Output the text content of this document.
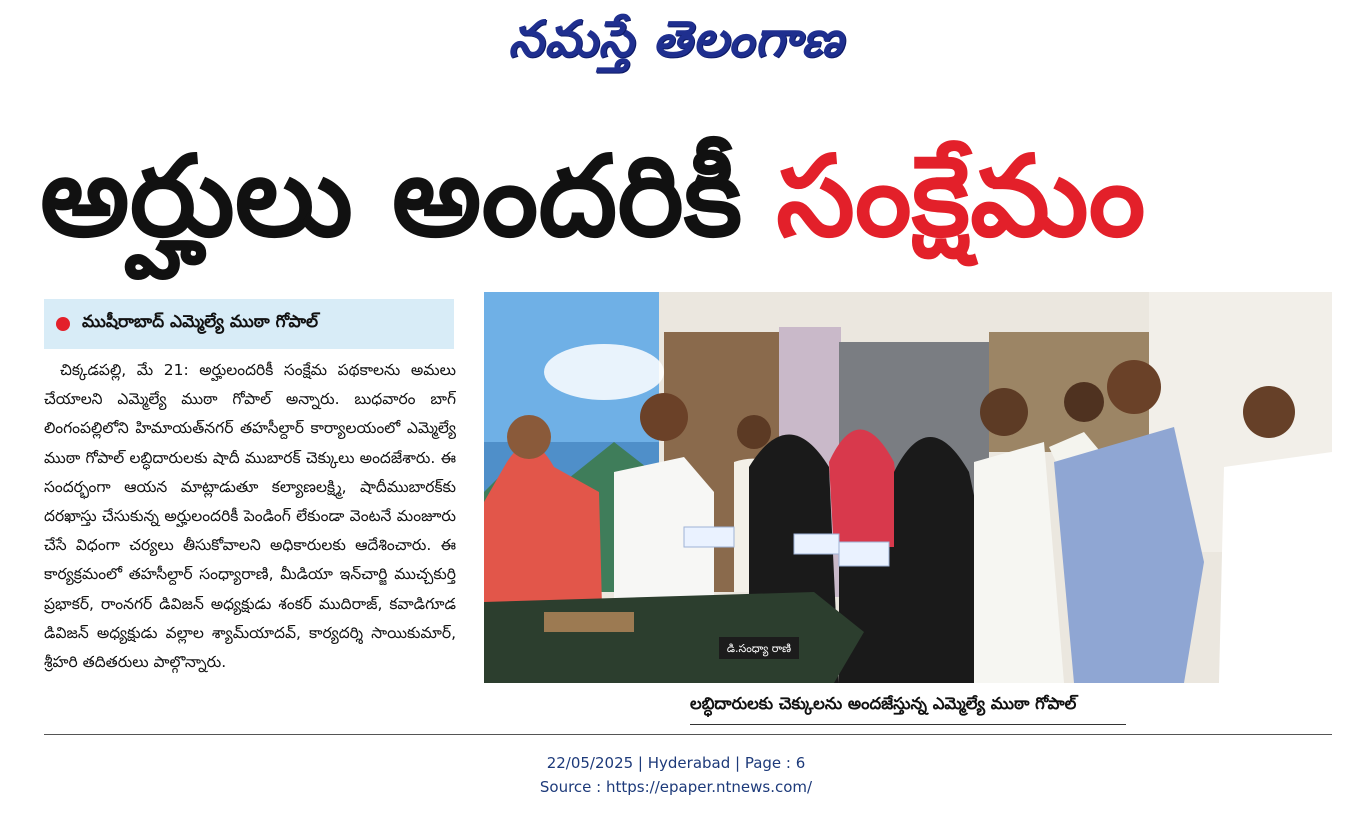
నమస్తే తెలంగాణ
అర్హులు అందరికీ సంక్షేమం
ముషీరాబాద్ ఎమ్మెల్యే ముఠా గోపాల్

చిక్కడపల్లి, మే 21: అర్హులందరికీ సంక్షేమ పథకాలను అమలు చేయాలని ఎమ్మెల్యే ముఠా గోపాల్ అన్నారు. బుధవారం బాగ్ లింగంపల్లిలోని హిమాయత్‌నగర్ తహసీల్దార్ కార్యాలయంలో ఎమ్మెల్యే ముఠా గోపాల్ లబ్ధిదారులకు షాదీ ముబారక్ చెక్కులు అందజేశారు. ఈ సందర్భంగా ఆయన మాట్లాడుతూ కల్యాణలక్ష్మి, షాదీముబారక్‌కు దరఖాస్తు చేసుకున్న అర్హులందరికీ పెండింగ్ లేకుండా వెంటనే మంజూరు చేసే విధంగా చర్యలు తీసుకోవాలని అధికారులకు ఆదేశించారు. ఈ కార్యక్రమంలో తహసీల్దార్ సంధ్యారాణి, మీడియా ఇన్‌చార్జి ముచ్చకుర్తి ప్రభాకర్, రాంనగర్ డివిజన్ అధ్యక్షుడు శంకర్ ముదిరాజ్, కవాడిగూడ డివిజన్ అధ్యక్షుడు వల్లాల శ్యామ్‌యాదవ్, కార్యదర్శి సాయికుమార్, శ్రీహరి తదితరులు పాల్గొన్నారు.

డి.సంధ్యా రాణి
లబ్ధిదారులకు చెక్కులను అందజేస్తున్న ఎమ్మెల్యే ముఠా గోపాల్
22/05/2025 | Hyderabad | Page : 6
Source : https://epaper.ntnews.com/
